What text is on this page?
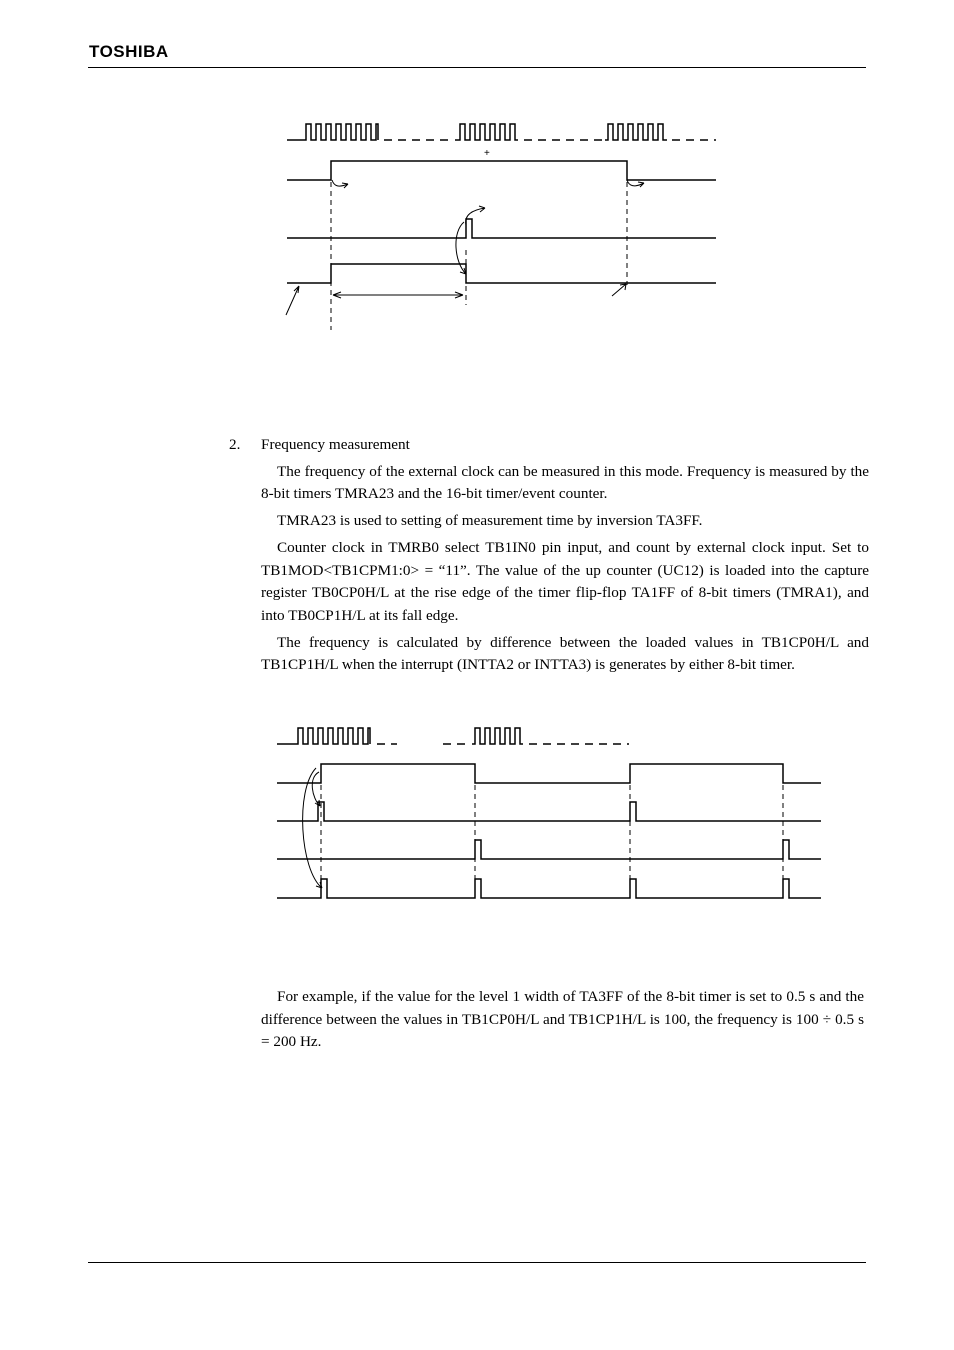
TOSHIBA
+
2.	Frequency measurement
The frequency of the external clock can be measured in this mode. Frequency is measured by the 8-bit timers TMRA23 and the 16-bit timer/event counter.
TMRA23 is used to setting of measurement time by inversion TA3FF.
Counter clock in TMRB0 select TB1IN0 pin input, and count by external clock input. Set to TB1MOD<TB1CPM1:0> = “11”. The value of the up counter (UC12) is loaded into the capture register TB0CP0H/L at the rise edge of the timer flip-flop TA1FF of 8-bit timers (TMRA1), and into TB0CP1H/L at its fall edge.
The frequency is calculated by difference between the loaded values in TB1CP0H/L and TB1CP1H/L when the interrupt (INTTA2 or INTTA3) is generates by either 8-bit timer.
For example, if the value for the level 1 width of TA3FF of the 8-bit timer is set to 0.5 s and the difference between the values in TB1CP0H/L and TB1CP1H/L is 100, the frequency is 100 ÷ 0.5 s = 200 Hz.
